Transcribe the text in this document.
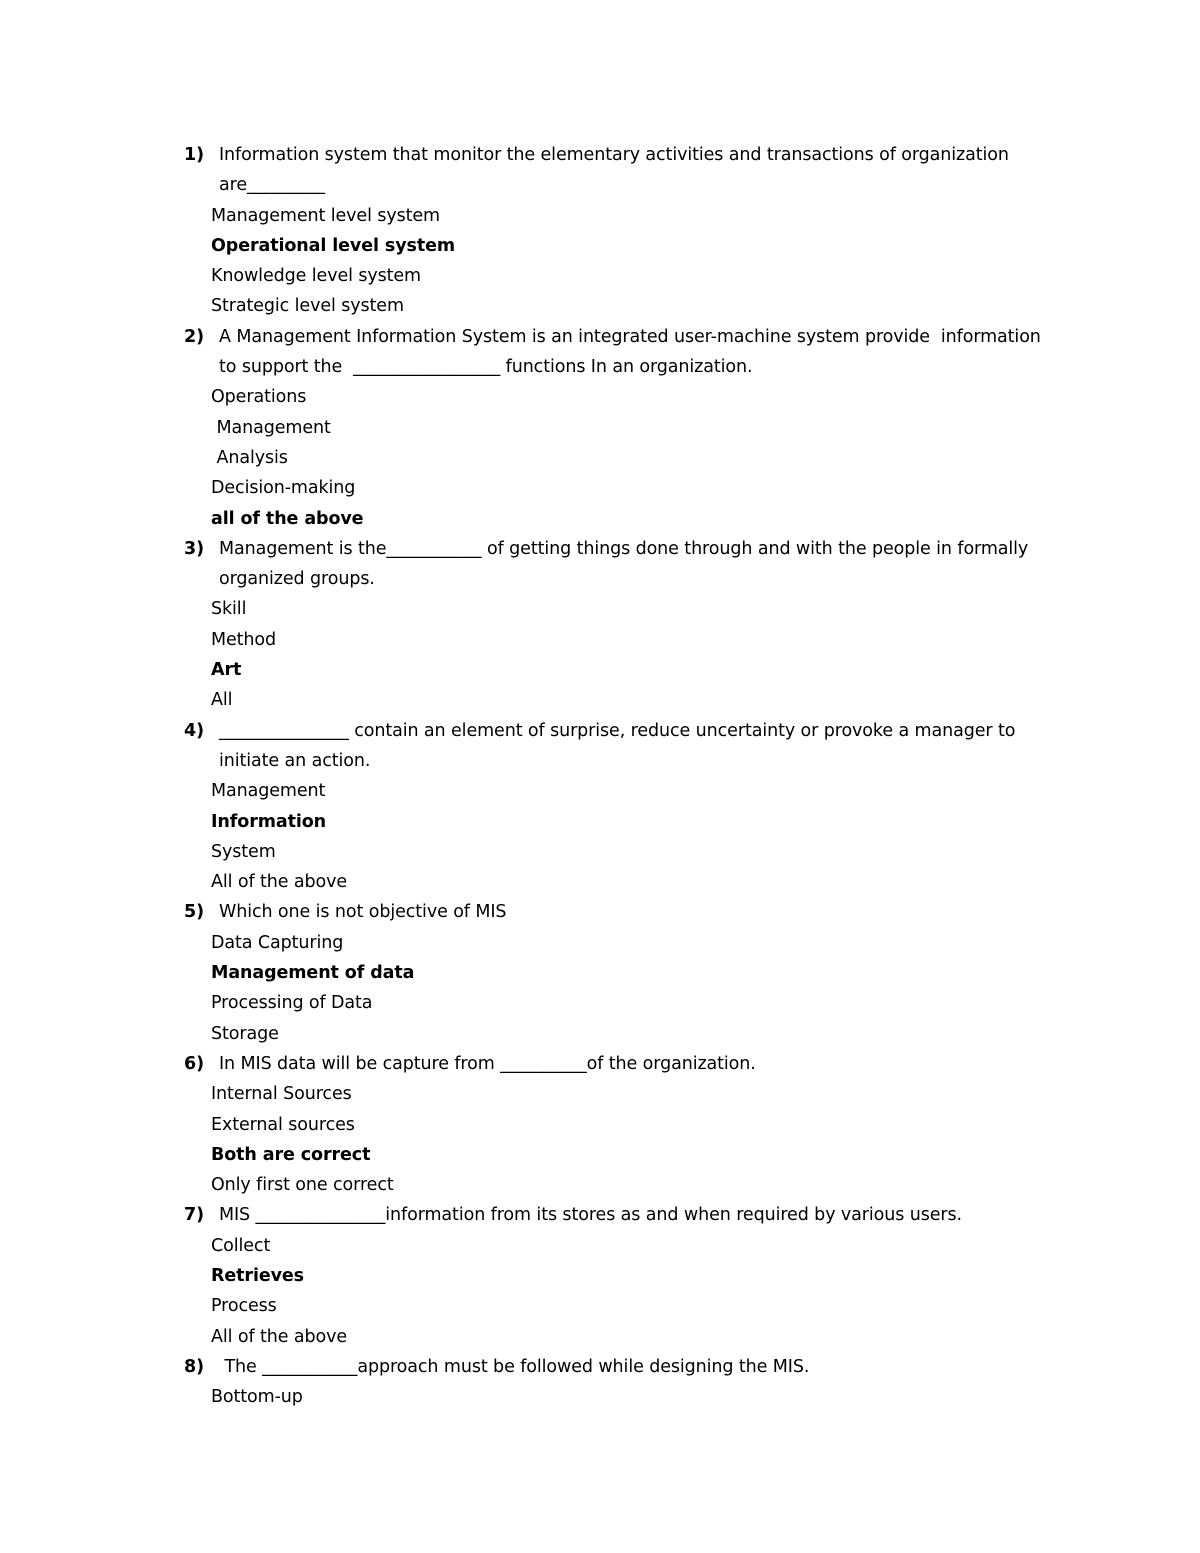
1) Information system that monitor the elementary activities and transactions of organization
are_________
Management level system
Operational level system
Knowledge level system
Strategic level system
2) A Management Information System is an integrated user-machine system provide  information
to support the  _________________ functions In an organization.
Operations
Management
Analysis
Decision-making
all of the above
3) Management is the___________ of getting things done through and with the people in formally
organized groups.
Skill
Method
Art
All
4) _______________ contain an element of surprise, reduce uncertainty or provoke a manager to
initiate an action.
Management
Information
System
All of the above
5) Which one is not objective of MIS
Data Capturing
Management of data
Processing of Data
Storage
6) In MIS data will be capture from __________of the organization.
Internal Sources
External sources
Both are correct
Only first one correct
7) MIS _______________information from its stores as and when required by various users.
Collect
Retrieves
Process
All of the above
8) The ___________approach must be followed while designing the MIS.
Bottom-up
